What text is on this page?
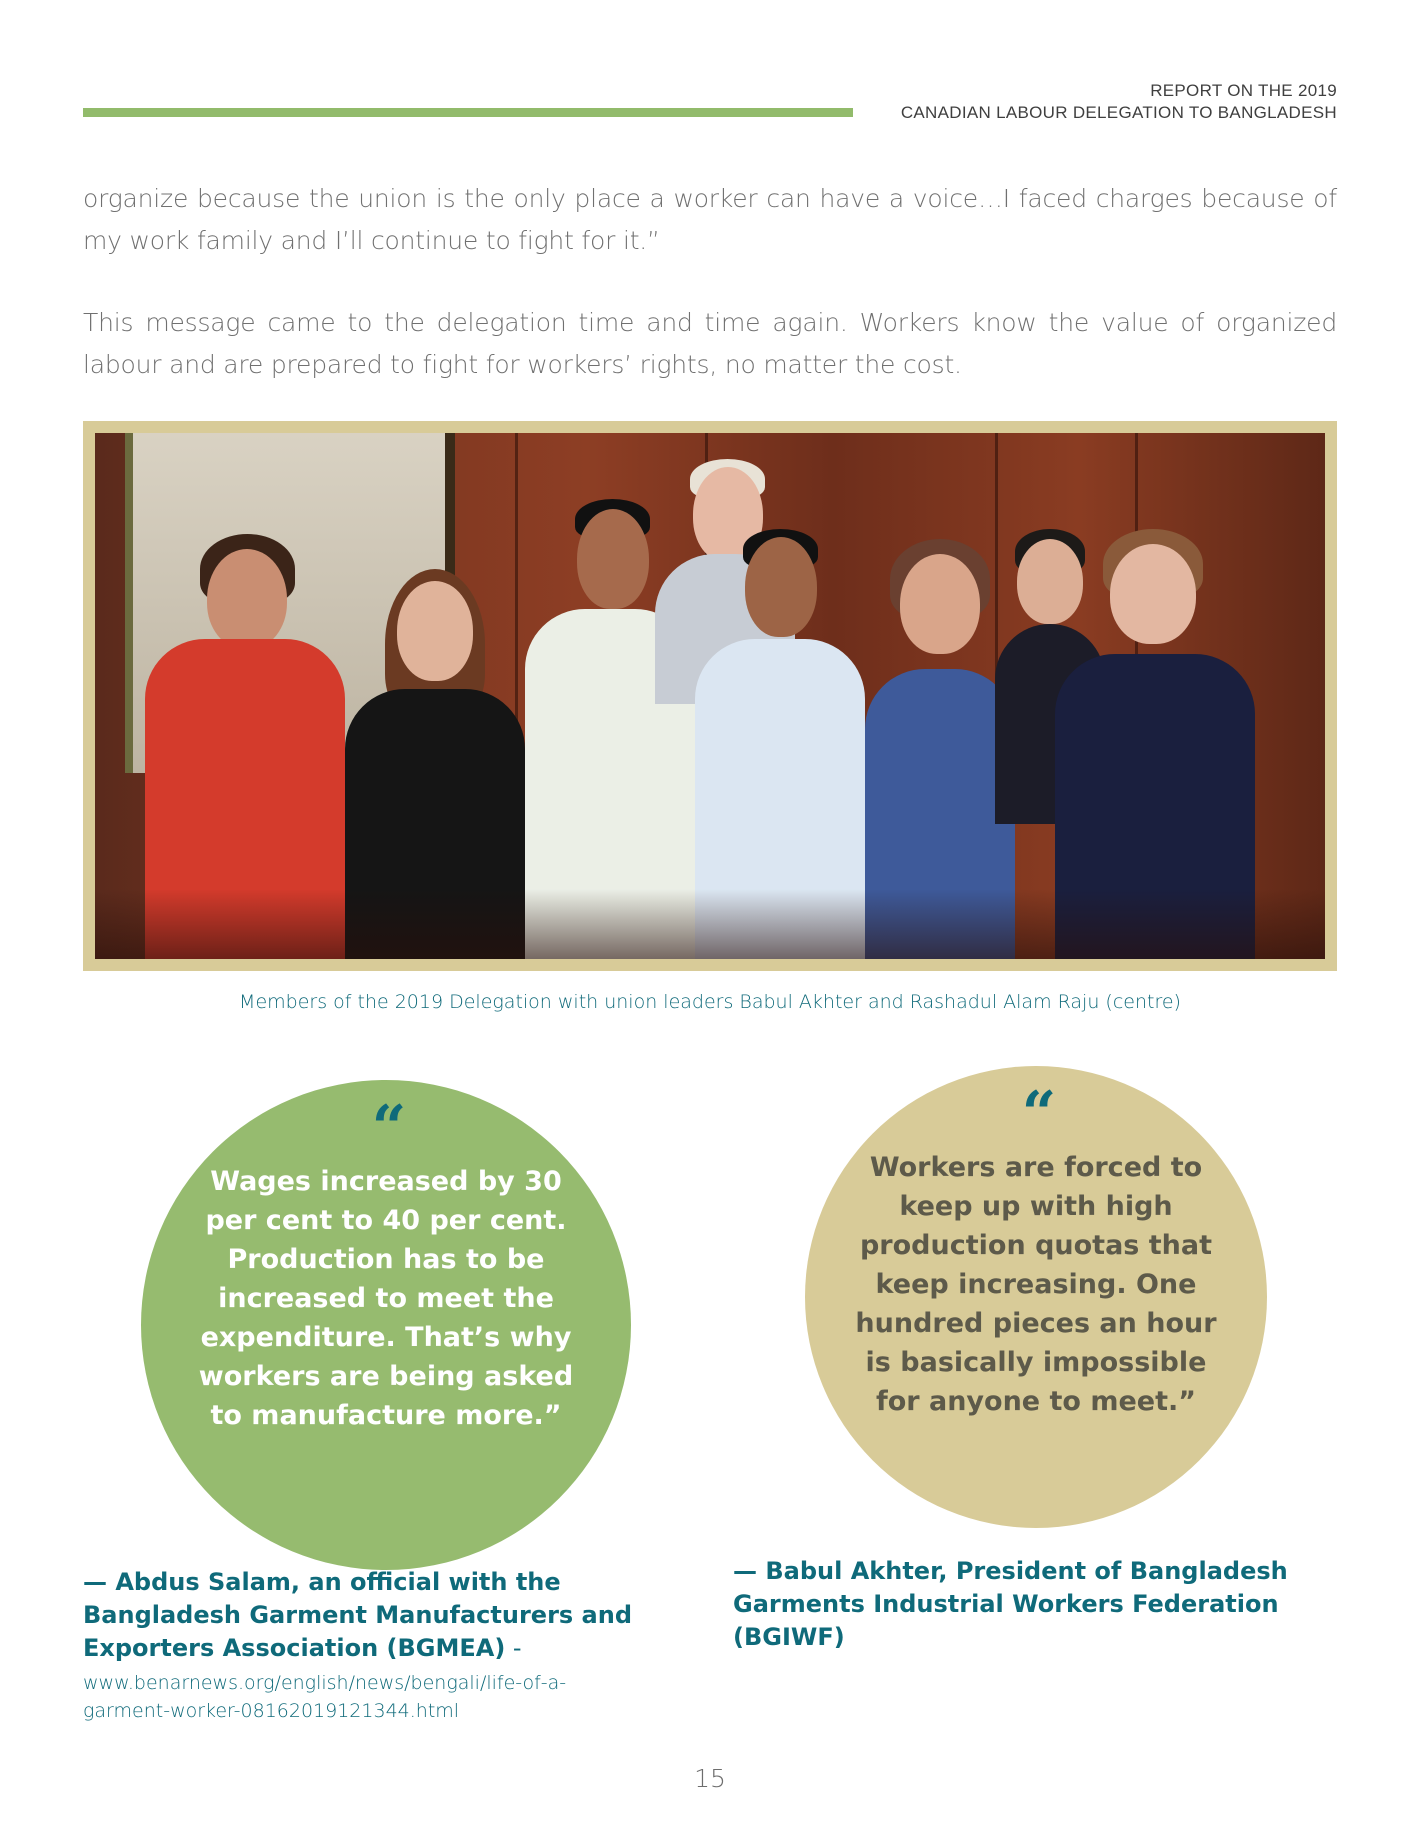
REPORT ON THE 2019
CANADIAN LABOUR DELEGATION TO BANGLADESH

organize because the union is the only place a worker can have a voice…I faced charges because of my work family and I’ll continue to fight for it.”

This message came to the delegation time and time again. Workers know the value of organized labour and are prepared to fight for workers’ rights, no matter the cost.

Members of the 2019 Delegation with union leaders Babul Akhter and Rashadul Alam Raju (centre)
“
Wages increased by 30 per cent to 40 per cent. Production has to be increased to meet the expenditure. That’s why workers are being asked to manufacture more.”
“
Workers are forced to keep up with high production quotas that keep increasing. One hundred pieces an hour is basically impossible for anyone to meet.”
— Abdus Salam, an official with the Bangladesh Garment Manufacturers and Exporters Association (BGMEA) -
www.benarnews.org/english/news/bengali/life-of-a-garment-worker-08162019121344.html
— Babul Akhter, President of Bangladesh Garments Industrial Workers Federation (BGIWF)
15
